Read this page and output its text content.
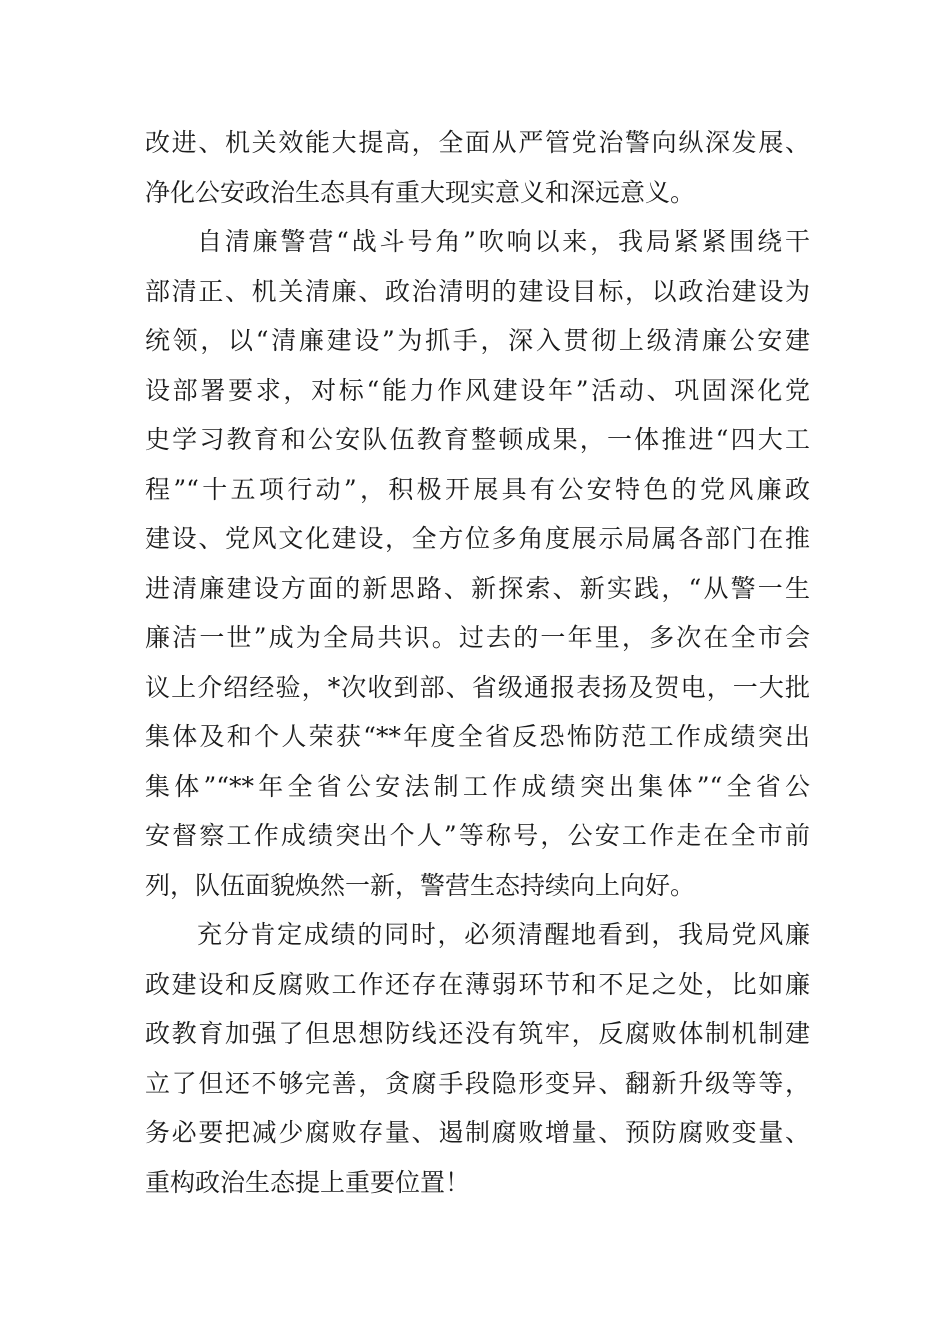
改进、机关效能大提高，全面从严管党治警向纵深发展、
净化公安政治生态具有重大现实意义和深远意义。
自清廉警营“战斗号角”吹响以来，我局紧紧围绕干
部清正、机关清廉、政治清明的建设目标，以政治建设为
统领，以“清廉建设”为抓手，深入贯彻上级清廉公安建
设部署要求，对标“能力作风建设年”活动、巩固深化党
史学习教育和公安队伍教育整顿成果，一体推进“四大工
程”“十五项行动”，积极开展具有公安特色的党风廉政
建设、党风文化建设，全方位多角度展示局属各部门在推
进清廉建设方面的新思路、新探索、新实践，“从警一生
廉洁一世”成为全局共识。过去的一年里，多次在全市会
议上介绍经验，*次收到部、省级通报表扬及贺电，一大批
集体及和个人荣获“**年度全省反恐怖防范工作成绩突出
集体”“**年全省公安法制工作成绩突出集体”“全省公
安督察工作成绩突出个人”等称号，公安工作走在全市前
列，队伍面貌焕然一新，警营生态持续向上向好。
充分肯定成绩的同时，必须清醒地看到，我局党风廉
政建设和反腐败工作还存在薄弱环节和不足之处，比如廉
政教育加强了但思想防线还没有筑牢，反腐败体制机制建
立了但还不够完善，贪腐手段隐形变异、翻新升级等等，
务必要把减少腐败存量、遏制腐败增量、预防腐败变量、
重构政治生态提上重要位置！
